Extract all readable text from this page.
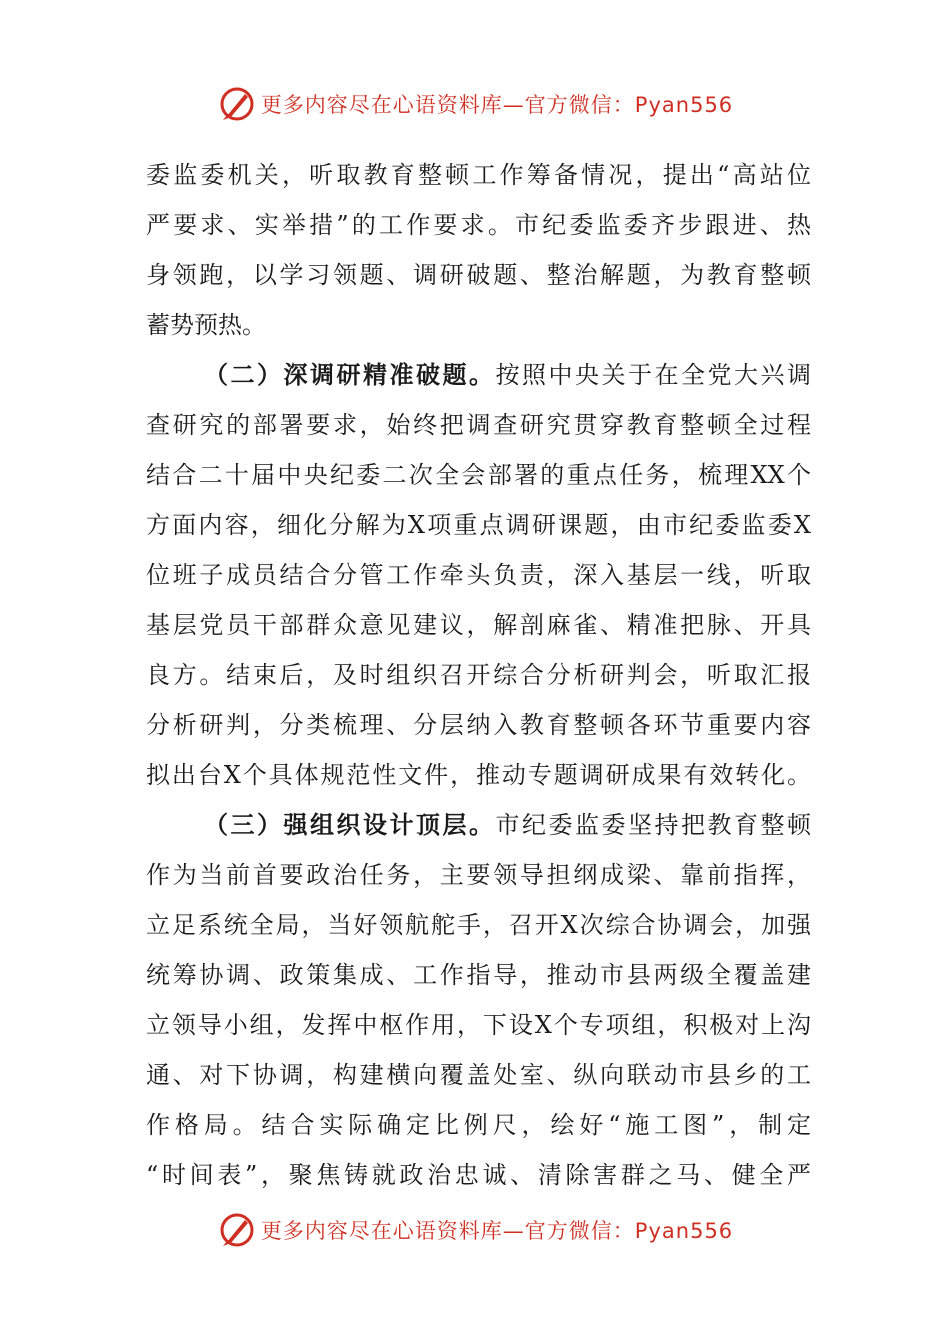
更多内容尽在心语资料库—官方微信：Pyan556
委监委机关，听取教育整顿工作筹备情况，提出“高站位
严要求、实举措”的工作要求。市纪委监委齐步跟进、热
身领跑，以学习领题、调研破题、整治解题，为教育整顿
蓄势预热。
（二）深调研精准破题。按照中央关于在全党大兴调
查研究的部署要求，始终把调查研究贯穿教育整顿全过程
结合二十届中央纪委二次全会部署的重点任务，梳理XX个
方面内容，细化分解为X项重点调研课题，由市纪委监委X
位班子成员结合分管工作牵头负责，深入基层一线，听取
基层党员干部群众意见建议，解剖麻雀、精准把脉、开具
良方。结束后，及时组织召开综合分析研判会，听取汇报
分析研判，分类梳理、分层纳入教育整顿各环节重要内容
拟出台X个具体规范性文件，推动专题调研成果有效转化。
（三）强组织设计顶层。市纪委监委坚持把教育整顿
作为当前首要政治任务，主要领导担纲成梁、靠前指挥，
立足系统全局，当好领航舵手，召开X次综合协调会，加强
统筹协调、政策集成、工作指导，推动市县两级全覆盖建
立领导小组，发挥中枢作用，下设X个专项组，积极对上沟
通、对下协调，构建横向覆盖处室、纵向联动市县乡的工
作格局。结合实际确定比例尺，绘好“施工图”，制定
“时间表”，聚焦铸就政治忠诚、清除害群之马、健全严
更多内容尽在心语资料库—官方微信：Pyan556
